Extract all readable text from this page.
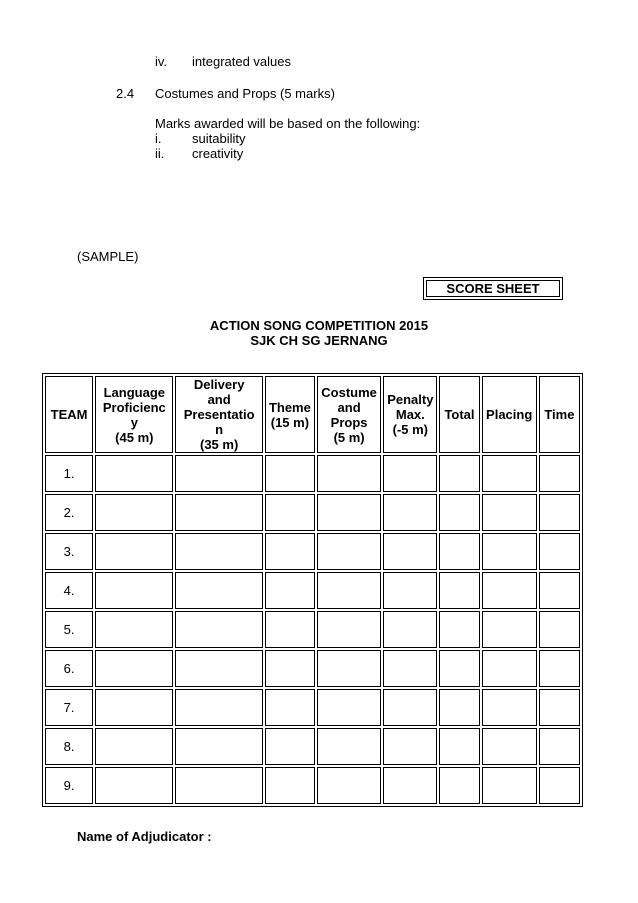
iv. integrated values
2.4 Costumes and Props (5 marks)
Marks awarded will be based on the following:
i. suitability
ii. creativity
(SAMPLE)
SCORE SHEET
ACTION SONG COMPETITION 2015
SJK CH SG JERNANG
TEAM	Language
Proficienc
y
(45 m)	Delivery
and
Presentatio
n
(35 m)	Theme
(15 m)	Costume
and
Props
(5 m)	Penalty
Max.
(-5 m)	Total	Placing	Time

1.								
2.								
3.								
4.								
5.								
6.								
7.								
8.								
9.								
Name of Adjudicator :
